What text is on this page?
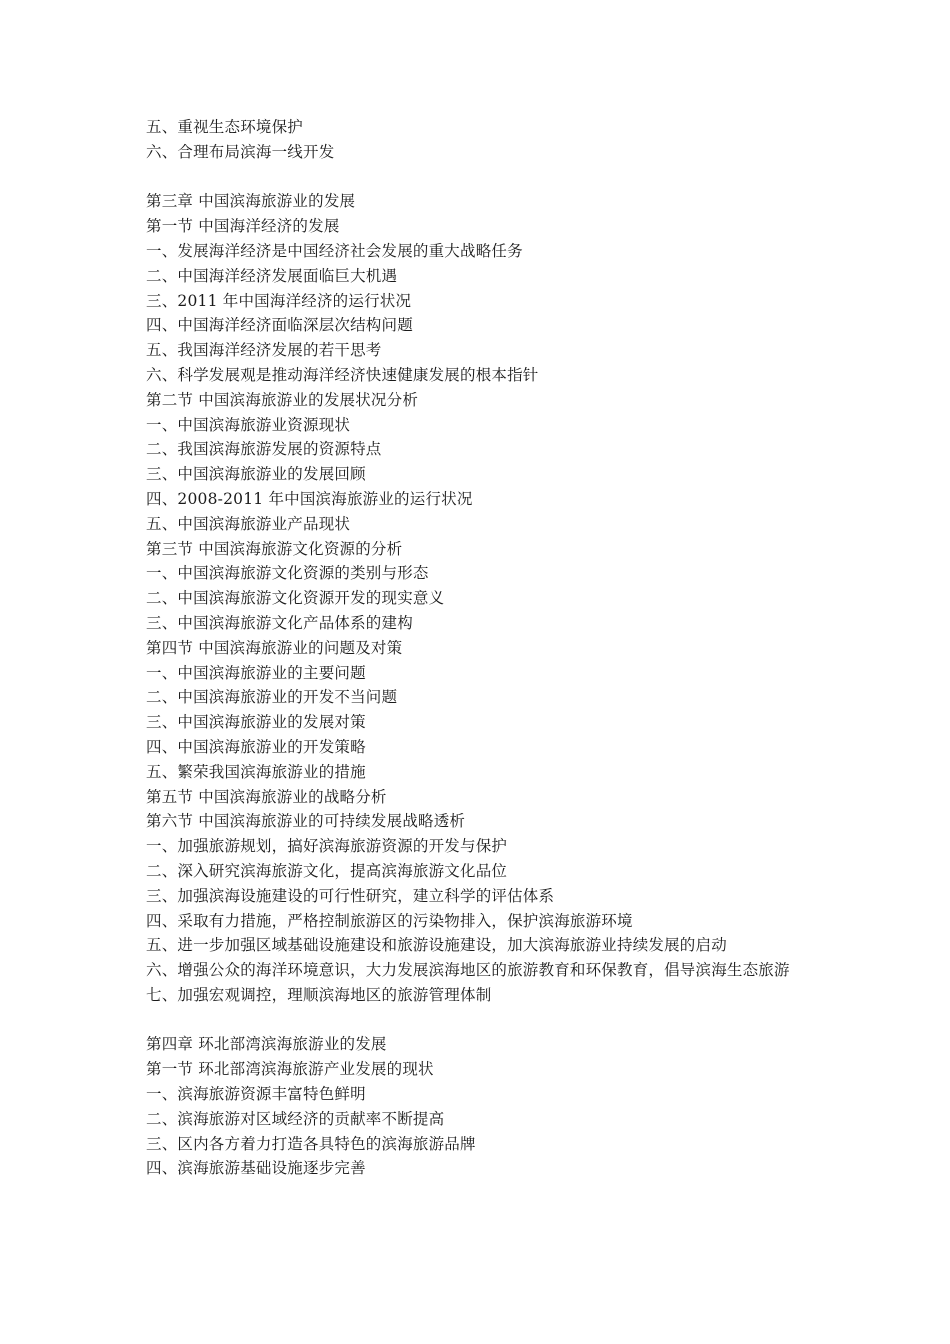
五、重视生态环境保护
六、合理布局滨海一线开发
第三章 中国滨海旅游业的发展
第一节 中国海洋经济的发展
一、发展海洋经济是中国经济社会发展的重大战略任务
二、中国海洋经济发展面临巨大机遇
三、2011 年中国海洋经济的运行状况
四、中国海洋经济面临深层次结构问题
五、我国海洋经济发展的若干思考
六、科学发展观是推动海洋经济快速健康发展的根本指针
第二节 中国滨海旅游业的发展状况分析
一、中国滨海旅游业资源现状
二、我国滨海旅游发展的资源特点
三、中国滨海旅游业的发展回顾
四、2008-2011 年中国滨海旅游业的运行状况
五、中国滨海旅游业产品现状
第三节 中国滨海旅游文化资源的分析
一、中国滨海旅游文化资源的类别与形态
二、中国滨海旅游文化资源开发的现实意义
三、中国滨海旅游文化产品体系的建构
第四节 中国滨海旅游业的问题及对策
一、中国滨海旅游业的主要问题
二、中国滨海旅游业的开发不当问题
三、中国滨海旅游业的发展对策
四、中国滨海旅游业的开发策略
五、繁荣我国滨海旅游业的措施
第五节 中国滨海旅游业的战略分析
第六节 中国滨海旅游业的可持续发展战略透析
一、加强旅游规划，搞好滨海旅游资源的开发与保护
二、深入研究滨海旅游文化，提高滨海旅游文化品位
三、加强滨海设施建设的可行性研究，建立科学的评估体系
四、采取有力措施，严格控制旅游区的污染物排入，保护滨海旅游环境
五、进一步加强区域基础设施建设和旅游设施建设，加大滨海旅游业持续发展的启动
六、增强公众的海洋环境意识，大力发展滨海地区的旅游教育和环保教育，倡导滨海生态旅游
七、加强宏观调控，理顺滨海地区的旅游管理体制
第四章 环北部湾滨海旅游业的发展
第一节 环北部湾滨海旅游产业发展的现状
一、滨海旅游资源丰富特色鲜明
二、滨海旅游对区域经济的贡献率不断提高
三、区内各方着力打造各具特色的滨海旅游品牌
四、滨海旅游基础设施逐步完善
